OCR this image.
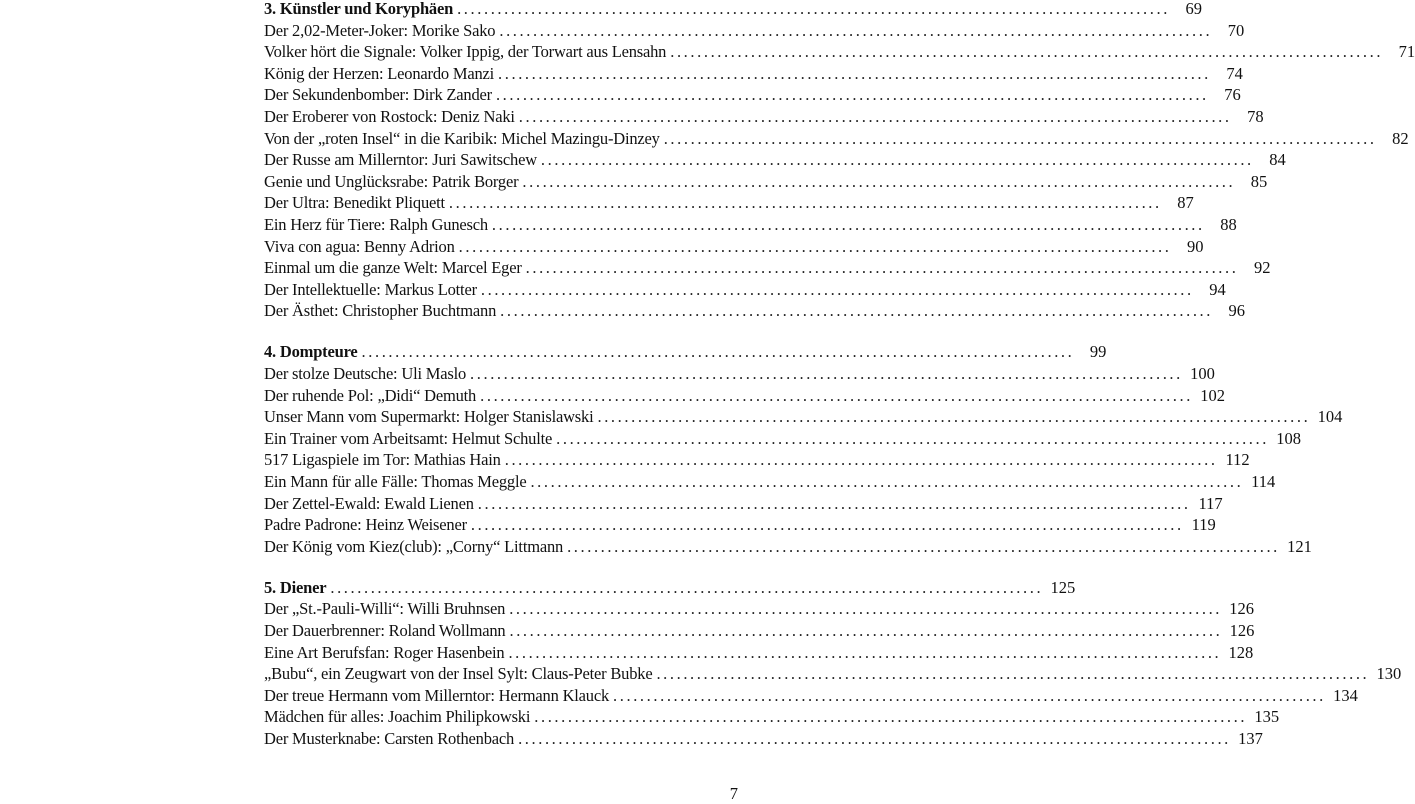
3. Künstler und Koryphäen .......................................................................................................... 69
Der 2,02-Meter-Joker: Morike Sako .......................................................................................................... 70
Volker hört die Signale: Volker Ippig, der Torwart aus Lensahn .......................................................................................................... 71
König der Herzen: Leonardo Manzi .......................................................................................................... 74
Der Sekundenbomber: Dirk Zander .......................................................................................................... 76
Der Eroberer von Rostock: Deniz Naki .......................................................................................................... 78
Von der „roten Insel“ in die Karibik: Michel Mazingu-Dinzey .......................................................................................................... 82
Der Russe am Millerntor: Juri Sawitschew .......................................................................................................... 84
Genie und Unglücksrabe: Patrik Borger .......................................................................................................... 85
Der Ultra: Benedikt Pliquett .......................................................................................................... 87
Ein Herz für Tiere: Ralph Gunesch .......................................................................................................... 88
Viva con agua: Benny Adrion .......................................................................................................... 90
Einmal um die ganze Welt: Marcel Eger .......................................................................................................... 92
Der Intellektuelle: Markus Lotter .......................................................................................................... 94
Der Ästhet: Christopher Buchtmann .......................................................................................................... 96
4. Dompteure .......................................................................................................... 99
Der stolze Deutsche: Uli Maslo .......................................................................................................... 100
Der ruhende Pol: „Didi“ Demuth .......................................................................................................... 102
Unser Mann vom Supermarkt: Holger Stanislawski .......................................................................................................... 104
Ein Trainer vom Arbeitsamt: Helmut Schulte .......................................................................................................... 108
517 Ligaspiele im Tor: Mathias Hain .......................................................................................................... 112
Ein Mann für alle Fälle: Thomas Meggle .......................................................................................................... 114
Der Zettel-Ewald: Ewald Lienen .......................................................................................................... 117
Padre Padrone: Heinz Weisener .......................................................................................................... 119
Der König vom Kiez(club): „Corny“ Littmann .......................................................................................................... 121
5. Diener .......................................................................................................... 125
Der „St.-Pauli-Willi“: Willi Bruhnsen .......................................................................................................... 126
Der Dauerbrenner: Roland Wollmann .......................................................................................................... 126
Eine Art Berufsfan: Roger Hasenbein .......................................................................................................... 128
„Bubu“, ein Zeugwart von der Insel Sylt: Claus-Peter Bubke .......................................................................................................... 130
Der treue Hermann vom Millerntor: Hermann Klauck .......................................................................................................... 134
Mädchen für alles: Joachim Philipkowski .......................................................................................................... 135
Der Musterknabe: Carsten Rothenbach .......................................................................................................... 137
7
